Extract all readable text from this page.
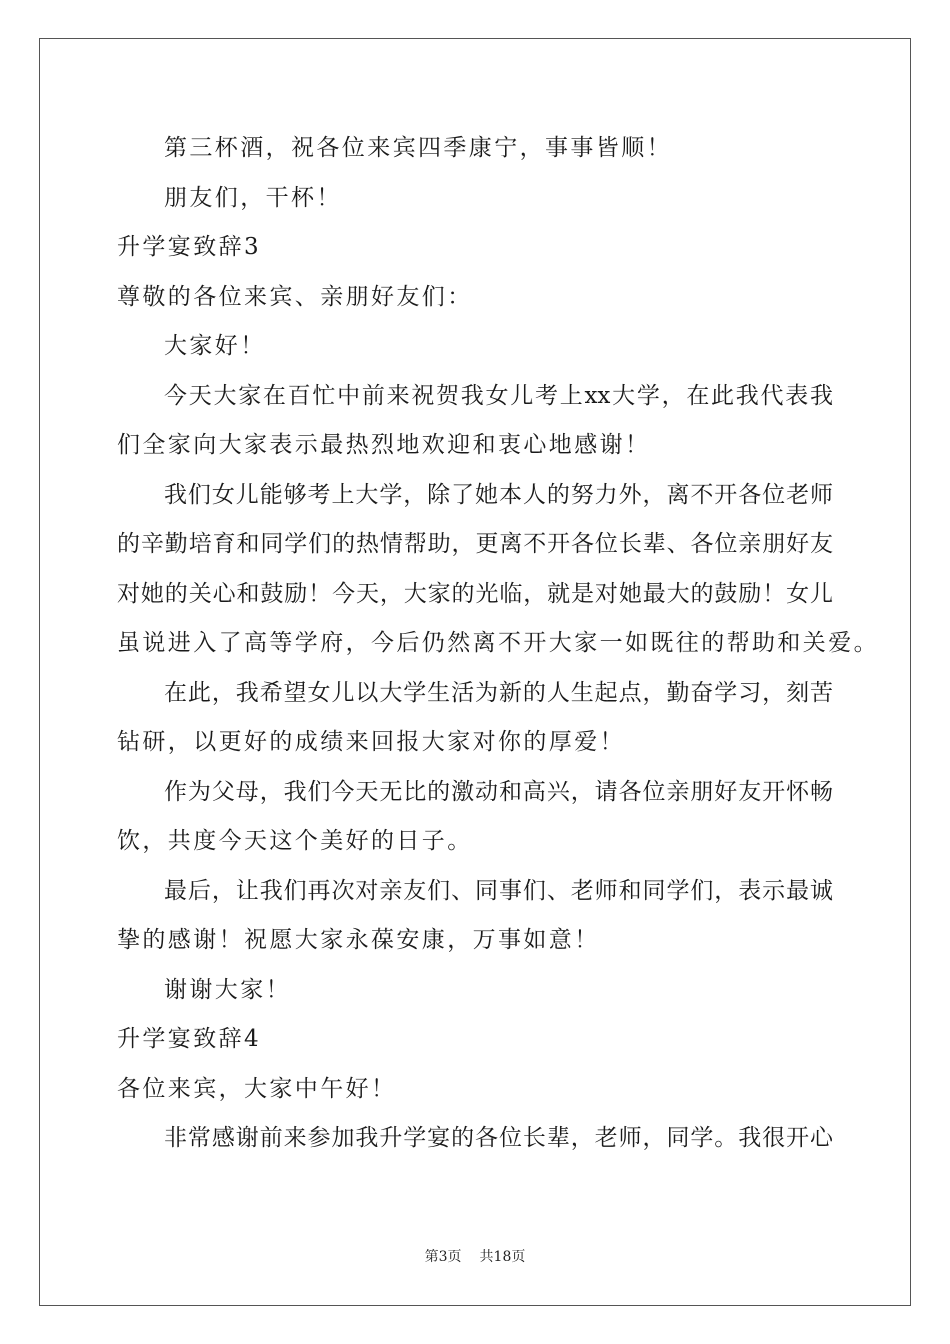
第三杯酒，祝各位来宾四季康宁，事事皆顺！
朋友们，干杯！
升学宴致辞3
尊敬的各位来宾、亲朋好友们：
大家好！
今天大家在百忙中前来祝贺我女儿考上xx大学，在此我代表我
们全家向大家表示最热烈地欢迎和衷心地感谢！
我们女儿能够考上大学，除了她本人的努力外，离不开各位老师
的辛勤培育和同学们的热情帮助，更离不开各位长辈、各位亲朋好友
对她的关心和鼓励！今天，大家的光临，就是对她最大的鼓励！女儿
虽说进入了高等学府，今后仍然离不开大家一如既往的帮助和关爱。
在此，我希望女儿以大学生活为新的人生起点，勤奋学习，刻苦
钻研，以更好的成绩来回报大家对你的厚爱！
作为父母，我们今天无比的激动和高兴，请各位亲朋好友开怀畅
饮，共度今天这个美好的日子。
最后，让我们再次对亲友们、同事们、老师和同学们，表示最诚
挚的感谢！祝愿大家永葆安康，万事如意！
谢谢大家！
升学宴致辞4
各位来宾，大家中午好！
非常感谢前来参加我升学宴的各位长辈，老师，同学。我很开心
第3页 共18页
